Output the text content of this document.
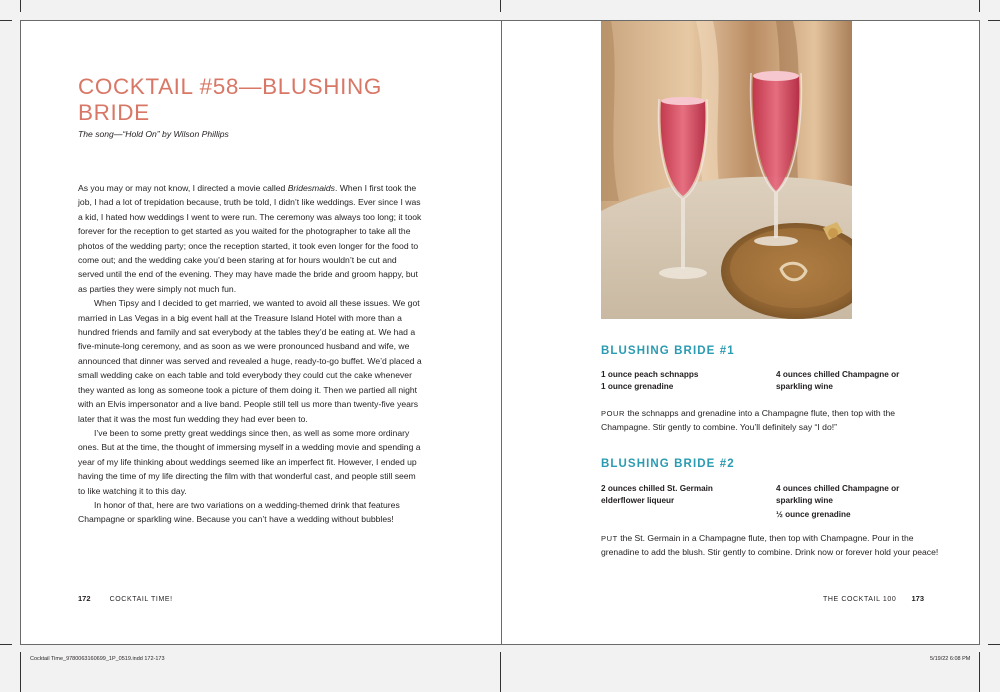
COCKTAIL #58—BLUSHING BRIDE
The song—“Hold On” by Wilson Phillips

As you may or may not know, I directed a movie called Bridesmaids. When I first took the job, I had a lot of trepidation because, truth be told, I didn’t like weddings. Ever since I was a kid, I hated how weddings I went to were run. The ceremony was always too long; it took forever for the reception to get started as you waited for the photographer to take all the photos of the wedding party; once the reception started, it took even longer for the food to come out; and the wedding cake you’d been staring at for hours wouldn’t be cut and served until the end of the evening. They may have made the bride and groom happy, but as parties they were simply not much fun.

When Tipsy and I decided to get married, we wanted to avoid all these issues. We got married in Las Vegas in a big event hall at the Treasure Island Hotel with more than a hundred friends and family and sat everybody at the tables they’d be eating at. We had a five-minute-long ceremony, and as soon as we were pronounced husband and wife, we announced that dinner was served and revealed a huge, ready-to-go buffet. We’d placed a small wedding cake on each table and told everybody they could cut the cake whenever they wanted as long as someone took a picture of them doing it. Then we partied all night with an Elvis impersonator and a live band. People still tell us more than twenty-five years later that it was the most fun wedding they had ever been to.

I’ve been to some pretty great weddings since then, as well as some more ordinary ones. But at the time, the thought of immersing myself in a wedding movie and spending a year of my life thinking about weddings seemed like an imperfect fit. However, I ended up having the time of my life directing the film with that wonderful cast, and people still seem to like watching it to this day.

In honor of that, here are two variations on a wedding-themed drink that features Champagne or sparkling wine. Because you can’t have a wedding without bubbles!

172	COCKTAIL TIME!
BLUSHING BRIDE #1
1 ounce peach schnapps
1 ounce grenadine
4 ounces chilled Champagne or sparkling wine
POUR the schnapps and grenadine into a Champagne flute, then top with the Champagne. Stir gently to combine. You’ll definitely say “I do!”
BLUSHING BRIDE #2
2 ounces chilled St. Germain elderflower liqueur
4 ounces chilled Champagne or sparkling wine
½ ounce grenadine
PUT the St. Germain in a Champagne flute, then top with Champagne. Pour in the grenadine to add the blush. Stir gently to combine. Drink now or forever hold your peace!
THE COCKTAIL 100 173
Cocktail Time_9780063160699_1P_0519.indd 172-173	5/19/22 6:08 PM
